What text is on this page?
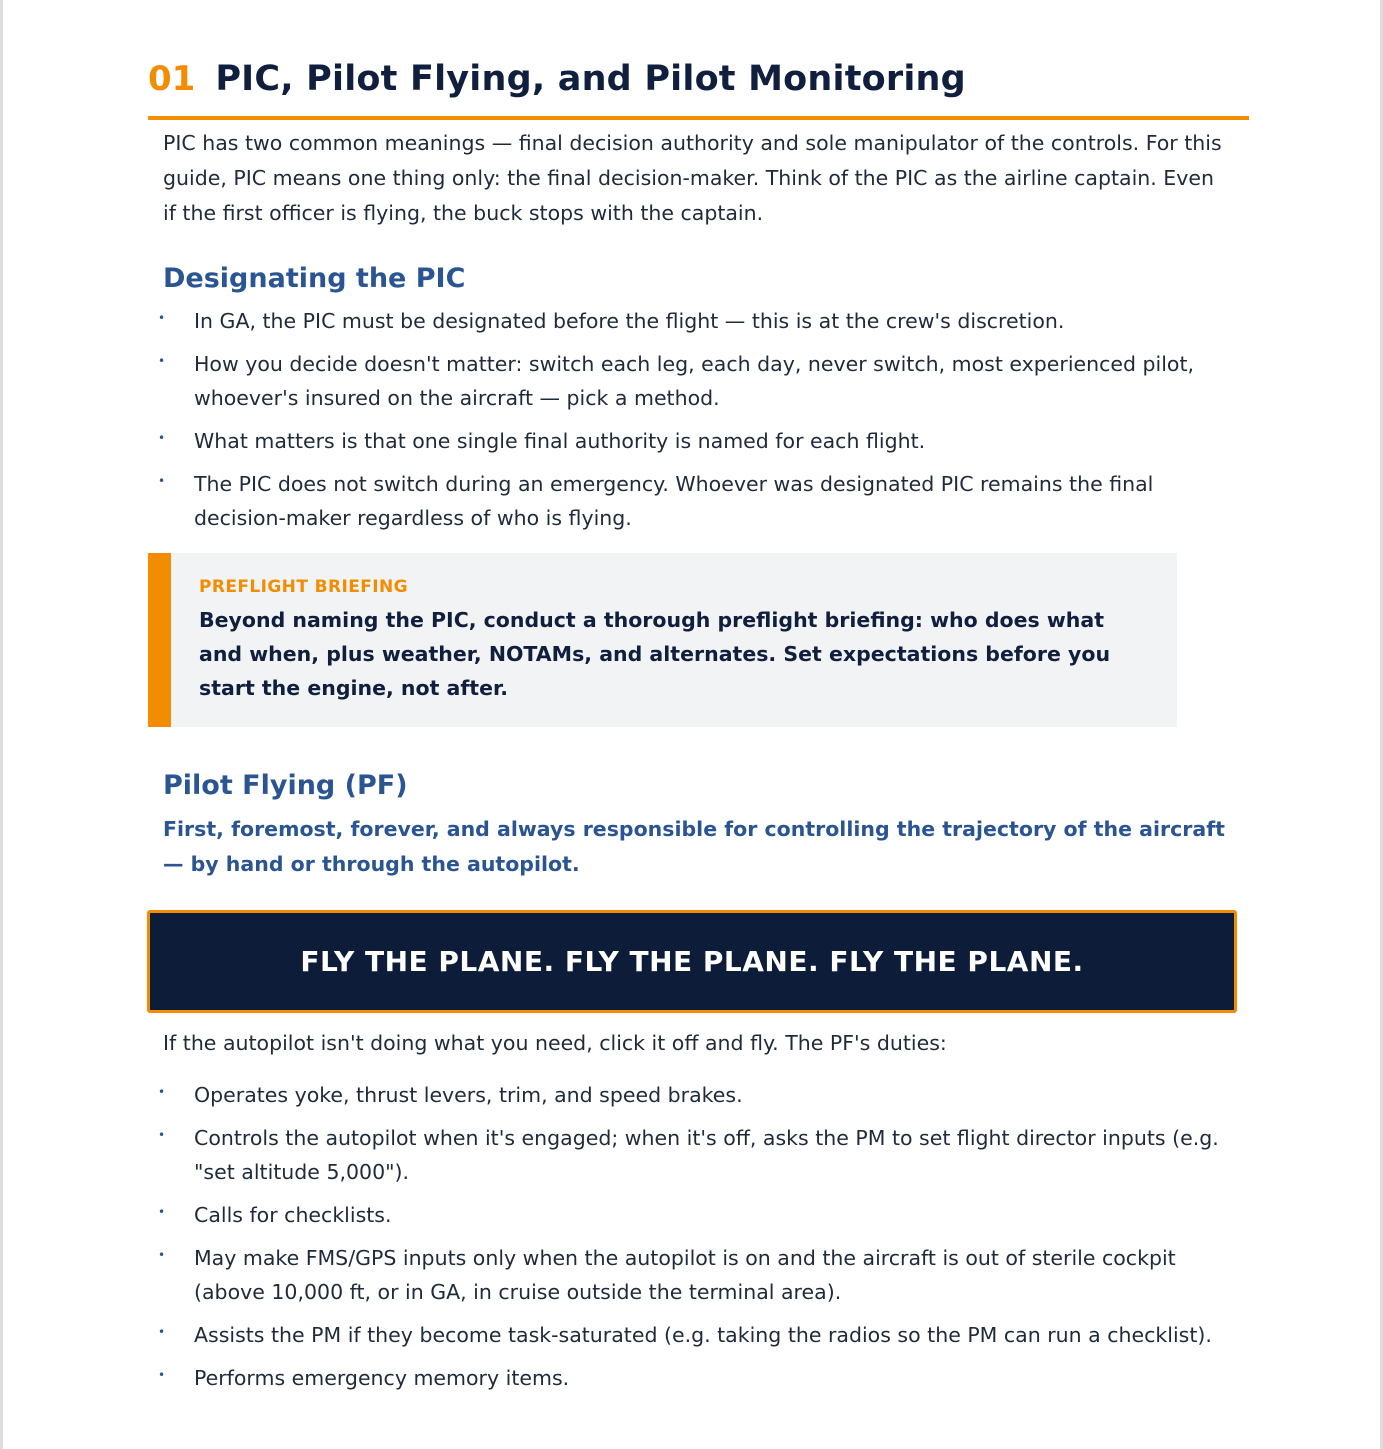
01 PIC, Pilot Flying, and Pilot Monitoring

PIC has two common meanings — final decision authority and sole manipulator of the controls. For this guide, PIC means one thing only: the final decision-maker. Think of the PIC as the airline captain. Even if the first officer is flying, the buck stops with the captain.

Designating the PIC
• In GA, the PIC must be designated before the flight — this is at the crew's discretion.
• How you decide doesn't matter: switch each leg, each day, never switch, most experienced pilot, whoever's insured on the aircraft — pick a method.
• What matters is that one single final authority is named for each flight.
• The PIC does not switch during an emergency. Whoever was designated PIC remains the final decision-maker regardless of who is flying.

PREFLIGHT BRIEFING

Beyond naming the PIC, conduct a thorough preflight briefing: who does what and when, plus weather, NOTAMs, and alternates. Set expectations before you start the engine, not after.

Pilot Flying (PF)

First, foremost, forever, and always responsible for controlling the trajectory of the aircraft — by hand or through the autopilot.

FLY THE PLANE. FLY THE PLANE. FLY THE PLANE.

If the autopilot isn't doing what you need, click it off and fly. The PF's duties:

• Operates yoke, thrust levers, trim, and speed brakes.
• Controls the autopilot when it's engaged; when it's off, asks the PM to set flight director inputs (e.g. "set altitude 5,000").
• Calls for checklists.
• May make FMS/GPS inputs only when the autopilot is on and the aircraft is out of sterile cockpit (above 10,000 ft, or in GA, in cruise outside the terminal area).
• Assists the PM if they become task-saturated (e.g. taking the radios so the PM can run a checklist).
• Performs emergency memory items.
